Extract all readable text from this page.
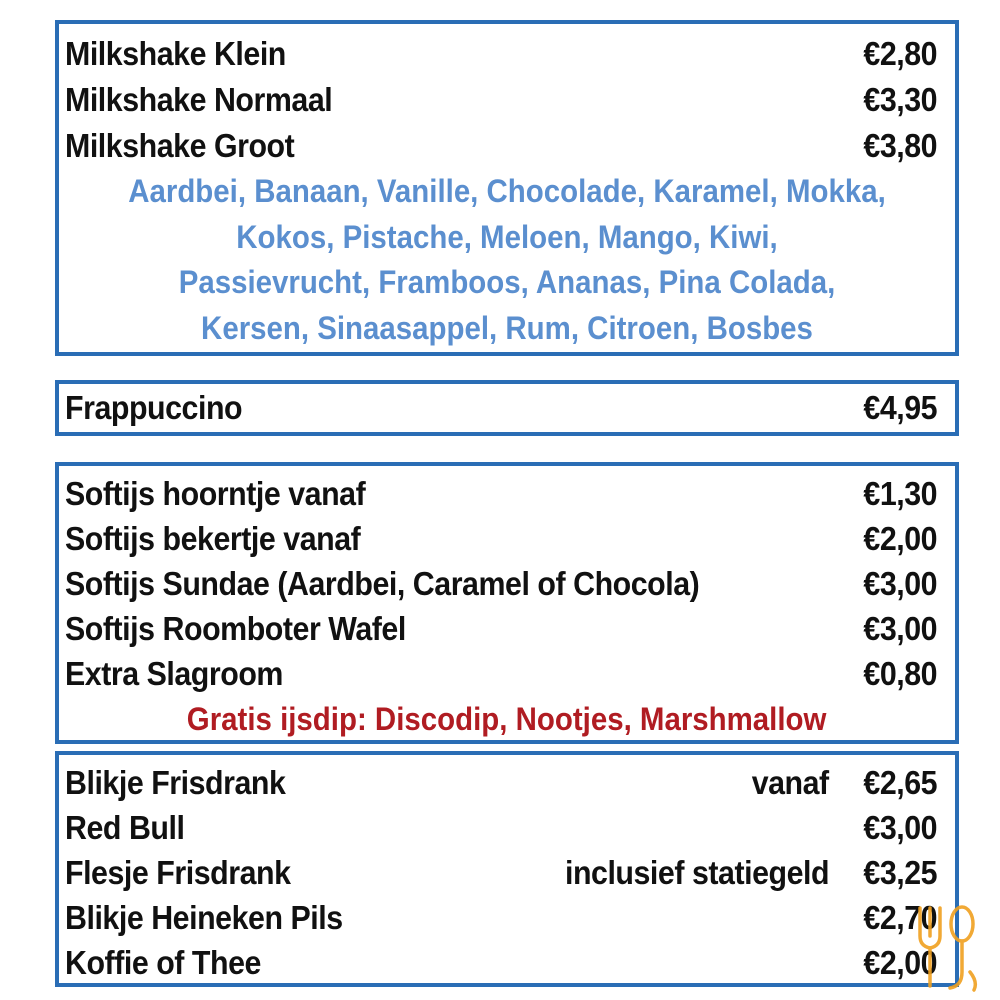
Milkshake Klein	€2,80
Milkshake Normaal	€3,30
Milkshake Groot	€3,80
Aardbei, Banaan, Vanille, Chocolade, Karamel, Mokka,
Kokos, Pistache, Meloen, Mango, Kiwi,
Passievrucht, Framboos, Ananas, Pina Colada,
Kersen, Sinaasappel, Rum, Citroen, Bosbes
Frappuccino	€4,95
Softijs hoorntje vanaf	€1,30
Softijs bekertje vanaf	€2,00
Softijs Sundae (Aardbei, Caramel of Chocola)	€3,00
Softijs Roomboter Wafel	€3,00
Extra Slagroom	€0,80
Gratis ijsdip: Discodip, Nootjes, Marshmallow
Blikje Frisdrank	vanaf €2,65
Red Bull	€3,00
Flesje Frisdrank	inclusief statiegeld €3,25
Blikje Heineken Pils	€2,70
Koffie of Thee	€2,00
